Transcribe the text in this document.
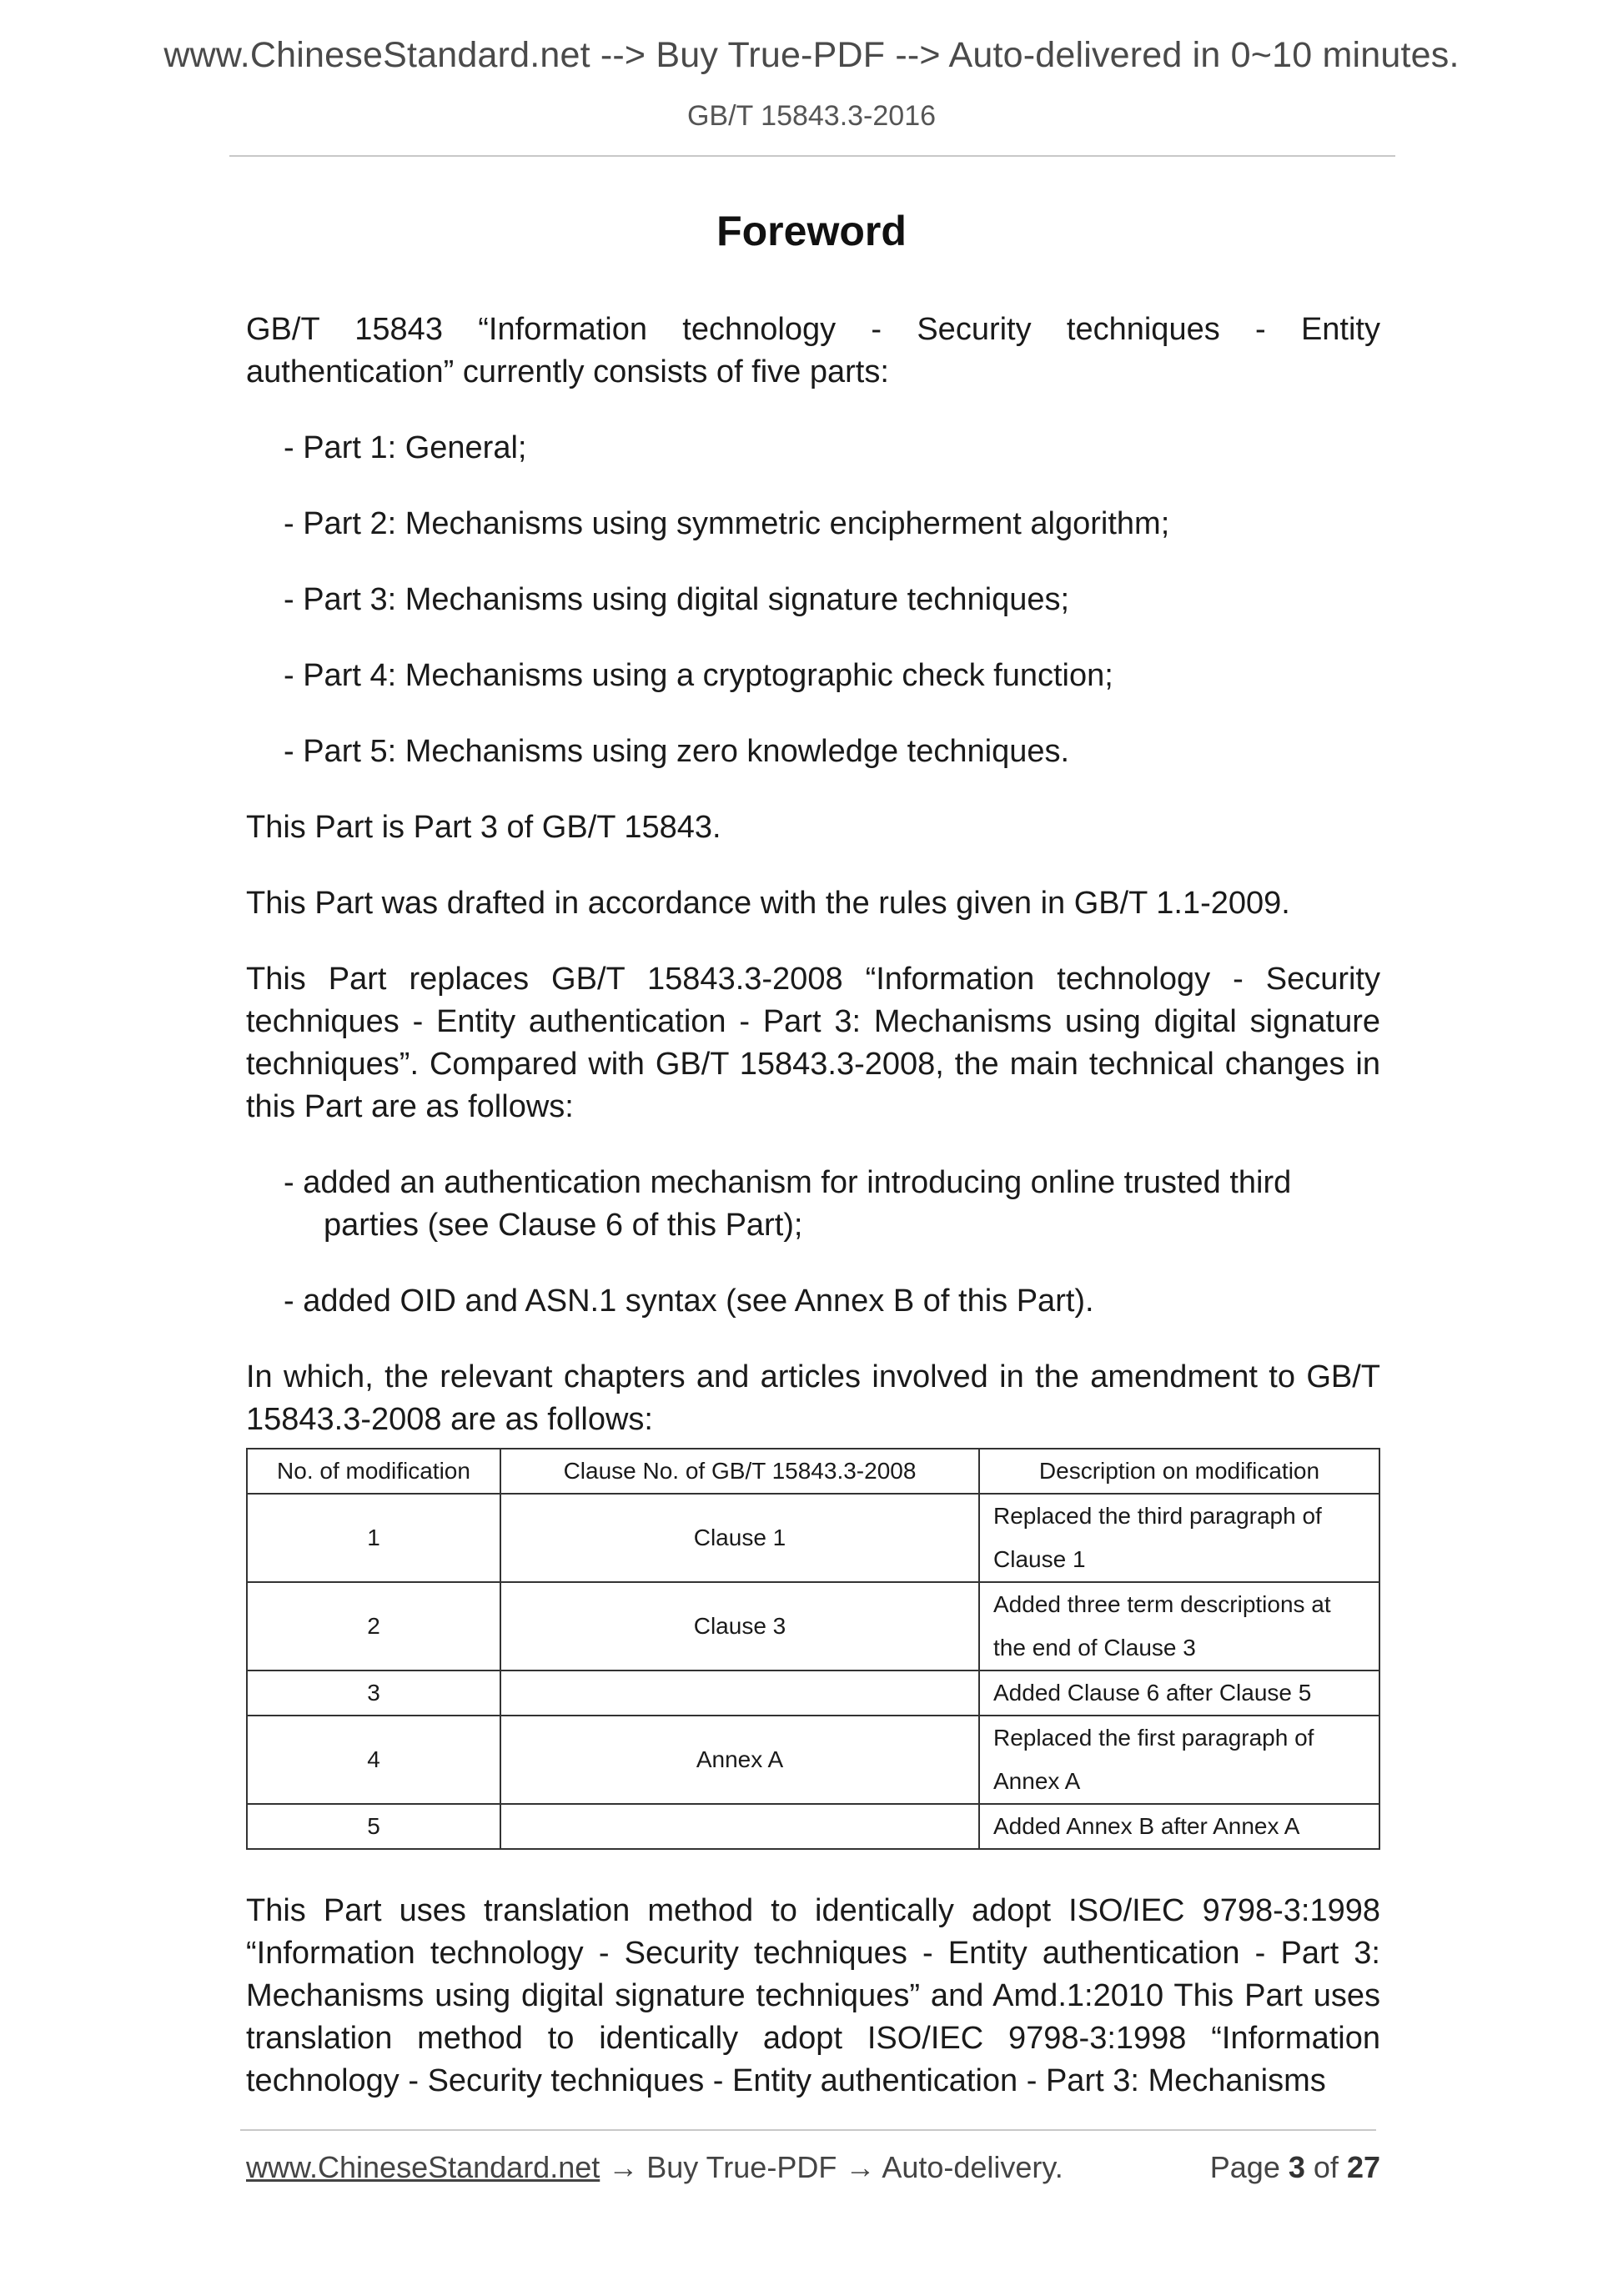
www.ChineseStandard.net --> Buy True-PDF --> Auto-delivered in 0~10 minutes.
GB/T 15843.3-2016
Foreword

GB/T 15843 “Information technology - Security techniques - Entity authentication” currently consists of five parts:

- Part 1: General;

- Part 2: Mechanisms using symmetric encipherment algorithm;

- Part 3: Mechanisms using digital signature techniques;

- Part 4: Mechanisms using a cryptographic check function;

- Part 5: Mechanisms using zero knowledge techniques.

This Part is Part 3 of GB/T 15843.

This Part was drafted in accordance with the rules given in GB/T 1.1-2009.

This Part replaces GB/T 15843.3-2008 “Information technology - Security techniques - Entity authentication - Part 3: Mechanisms using digital signature techniques”. Compared with GB/T 15843.3-2008, the main technical changes in this Part are as follows:

- added an authentication mechanism for introducing online trusted third
parties (see Clause 6 of this Part);

- added OID and ASN.1 syntax (see Annex B of this Part).

In which, the relevant chapters and articles involved in the amendment to GB/T 15843.3-2008 are as follows:

No. of modification	Clause No. of GB/T 15843.3-2008	Description on modification
1	Clause 1	Replaced the third paragraph of Clause 1
2	Clause 3	Added three term descriptions at the end of Clause 3
3		Added Clause 6 after Clause 5
4	Annex A	Replaced the first paragraph of Annex A
5		Added Annex B after Annex A

This Part uses translation method to identically adopt ISO/IEC 9798-3:1998 “Information technology - Security techniques - Entity authentication - Part 3: Mechanisms using digital signature techniques” and Amd.1:2010 This Part uses translation method to identically adopt ISO/IEC 9798-3:1998 “Information technology - Security techniques - Entity authentication - Part 3: Mechanisms

www.ChineseStandard.net → Buy True-PDF → Auto-delivery.	Page 3 of 27
